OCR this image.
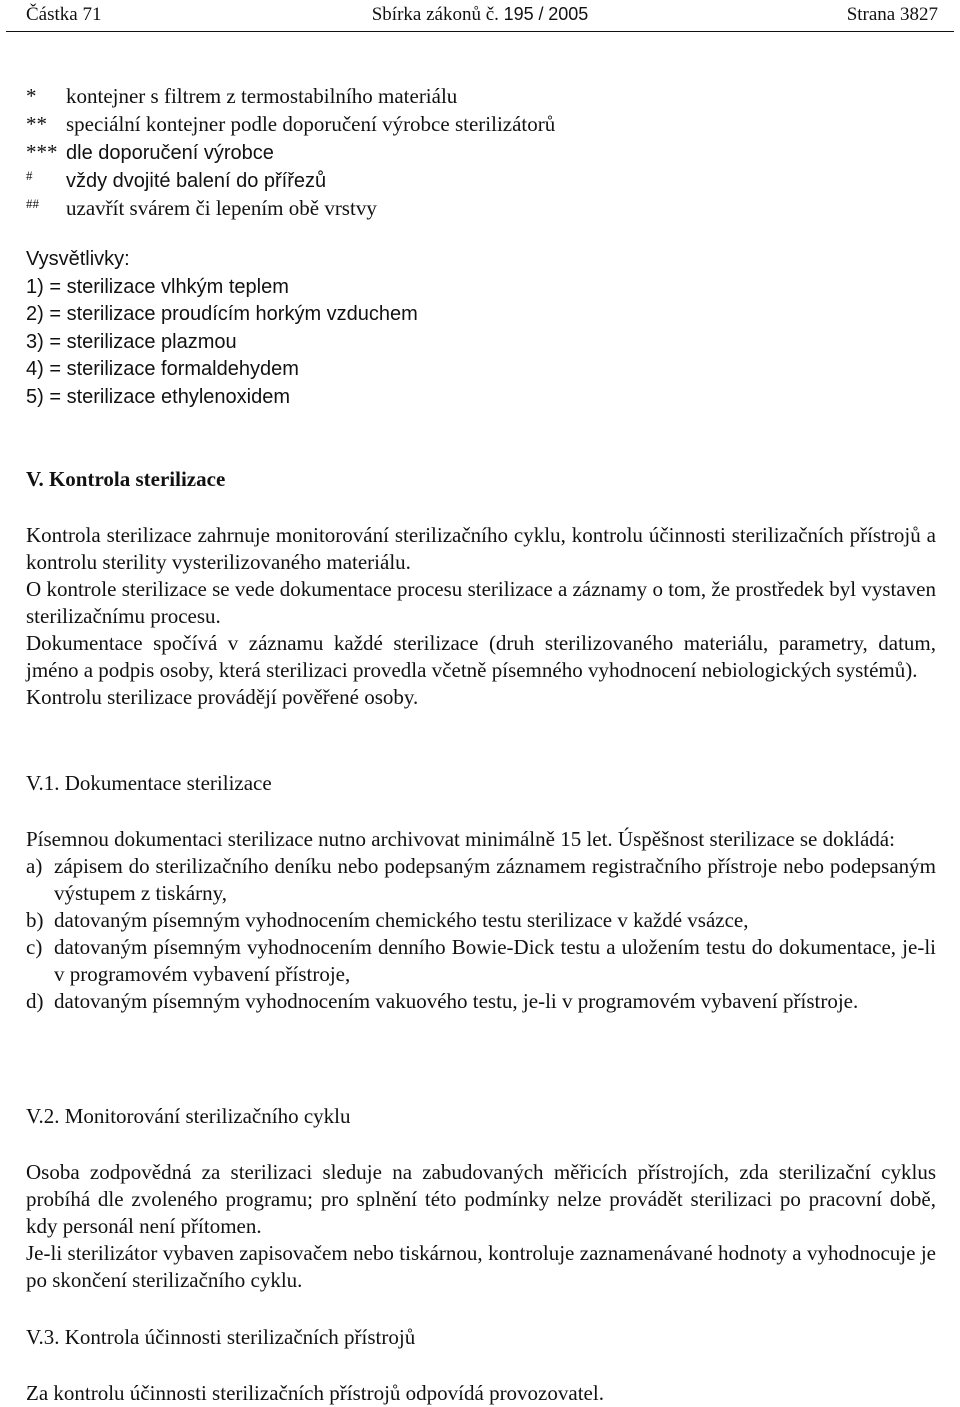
Částka 71	Sbírka zákonů č. 195 / 2005	Strana 3827
* kontejner s filtrem z termostabilního materiálu
** speciální kontejner podle doporučení výrobce sterilizátorů
*** dle doporučení výrobce
# vždy dvojité balení do přířezů
## uzavřít svárem či lepením obě vrstvy
Vysvětlivky:
1) = sterilizace vlhkým teplem
2) = sterilizace proudícím horkým vzduchem
3) = sterilizace plazmou
4) = sterilizace formaldehydem
5) = sterilizace ethylenoxidem
V. Kontrola sterilizace

Kontrola sterilizace zahrnuje monitorování sterilizačního cyklu, kontrolu účinnosti sterilizačních přístrojů a kontrolu sterility vysterilizovaného materiálu.

O kontrole sterilizace se vede dokumentace procesu sterilizace a záznamy o tom, že prostředek byl vystaven sterilizačnímu procesu.

Dokumentace spočívá v záznamu každé sterilizace (druh sterilizovaného materiálu, parametry, datum, jméno a podpis osoby, která sterilizaci provedla včetně písemného vyhodnocení nebiologických systémů).

Kontrolu sterilizace provádějí pověřené osoby.

V.1. Dokumentace sterilizace

Písemnou dokumentaci sterilizace nutno archivovat minimálně 15 let. Úspěšnost sterilizace se dokládá:

a) zápisem do sterilizačního deníku nebo podepsaným záznamem registračního přístroje nebo podepsaným výstupem z tiskárny,
b) datovaným písemným vyhodnocením chemického testu sterilizace v každé vsázce,
c) datovaným písemným vyhodnocením denního Bowie-Dick testu a uložením testu do dokumentace, je-li v programovém vybavení přístroje,
d) datovaným písemným vyhodnocením vakuového testu, je-li v programovém vybavení přístroje.
V.2. Monitorování sterilizačního cyklu

Osoba zodpovědná za sterilizaci sleduje na zabudovaných měřicích přístrojích, zda sterilizační cyklus probíhá dle zvoleného programu; pro splnění této podmínky nelze provádět sterilizaci po pracovní době, kdy personál není přítomen.

Je-li sterilizátor vybaven zapisovačem nebo tiskárnou, kontroluje zaznamenávané hodnoty a vyhodnocuje je po skončení sterilizačního cyklu.

V.3. Kontrola účinnosti sterilizačních přístrojů

Za kontrolu účinnosti sterilizačních přístrojů odpovídá provozovatel.
